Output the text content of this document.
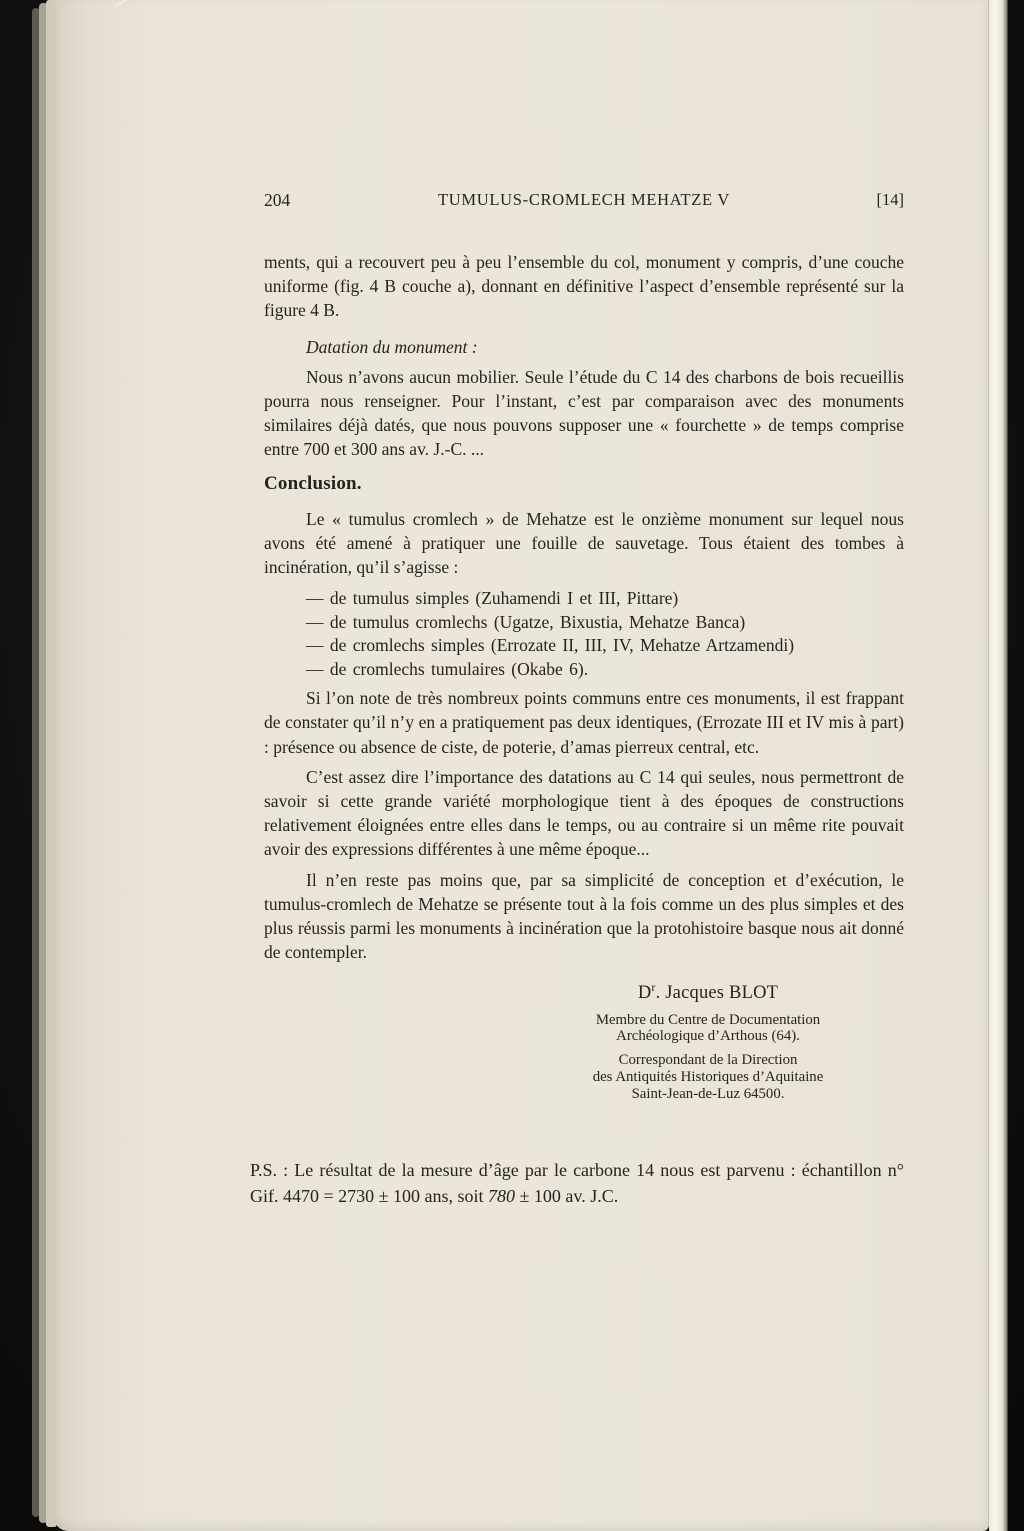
204	TUMULUS-CROMLECH MEHATZE V	[14]

ments, qui a recouvert peu à peu l’ensemble du col, monument y compris, d’une couche uniforme (fig. 4 B couche a), donnant en définitive l’aspect d’ensemble représenté sur la figure 4 B.

Datation du monument :

Nous n’avons aucun mobilier. Seule l’étude du C 14 des charbons de bois recueillis pourra nous renseigner. Pour l’instant, c’est par comparaison avec des monuments similaires déjà datés, que nous pouvons supposer une « fourchette » de temps comprise entre 700 et 300 ans av. J.-C. ...

Conclusion.

Le « tumulus cromlech » de Mehatze est le onzième monument sur lequel nous avons été amené à pratiquer une fouille de sauvetage. Tous étaient des tombes à incinération, qu’il s’agisse :

— de tumulus simples (Zuhamendi I et III, Pittare)

— de tumulus cromlechs (Ugatze, Bixustia, Mehatze Banca)

— de cromlechs simples (Errozate II, III, IV, Mehatze Artzamendi)

— de cromlechs tumulaires (Okabe 6).

Si l’on note de très nombreux points communs entre ces monuments, il est frappant de constater qu’il n’y en a pratiquement pas deux identiques, (Errozate III et IV mis à part) : présence ou absence de ciste, de poterie, d’amas pierreux central, etc.

C’est assez dire l’importance des datations au C 14 qui seules, nous permettront de savoir si cette grande variété morphologique tient à des époques de constructions relativement éloignées entre elles dans le temps, ou au contraire si un même rite pouvait avoir des expressions différentes à une même époque...

Il n’en reste pas moins que, par sa simplicité de conception et d’exécution, le tumulus-cromlech de Mehatze se présente tout à la fois comme un des plus simples et des plus réussis parmi les monuments à incinération que la protohistoire basque nous ait donné de contempler.

$D^r$. Jacques BLOT
Membre du Centre de Documentation
Archéologique d’Arthous (64).
Correspondant de la Direction
des Antiquités Historiques d’Aquitaine
Saint-Jean-de-Luz 64500.

P.S. : Le résultat de la mesure d’âge par le carbone 14 nous est parvenu : échantillon n° Gif. 4470 = 2730 ± 100 ans, soit 780 ± 100 av. J.C.
